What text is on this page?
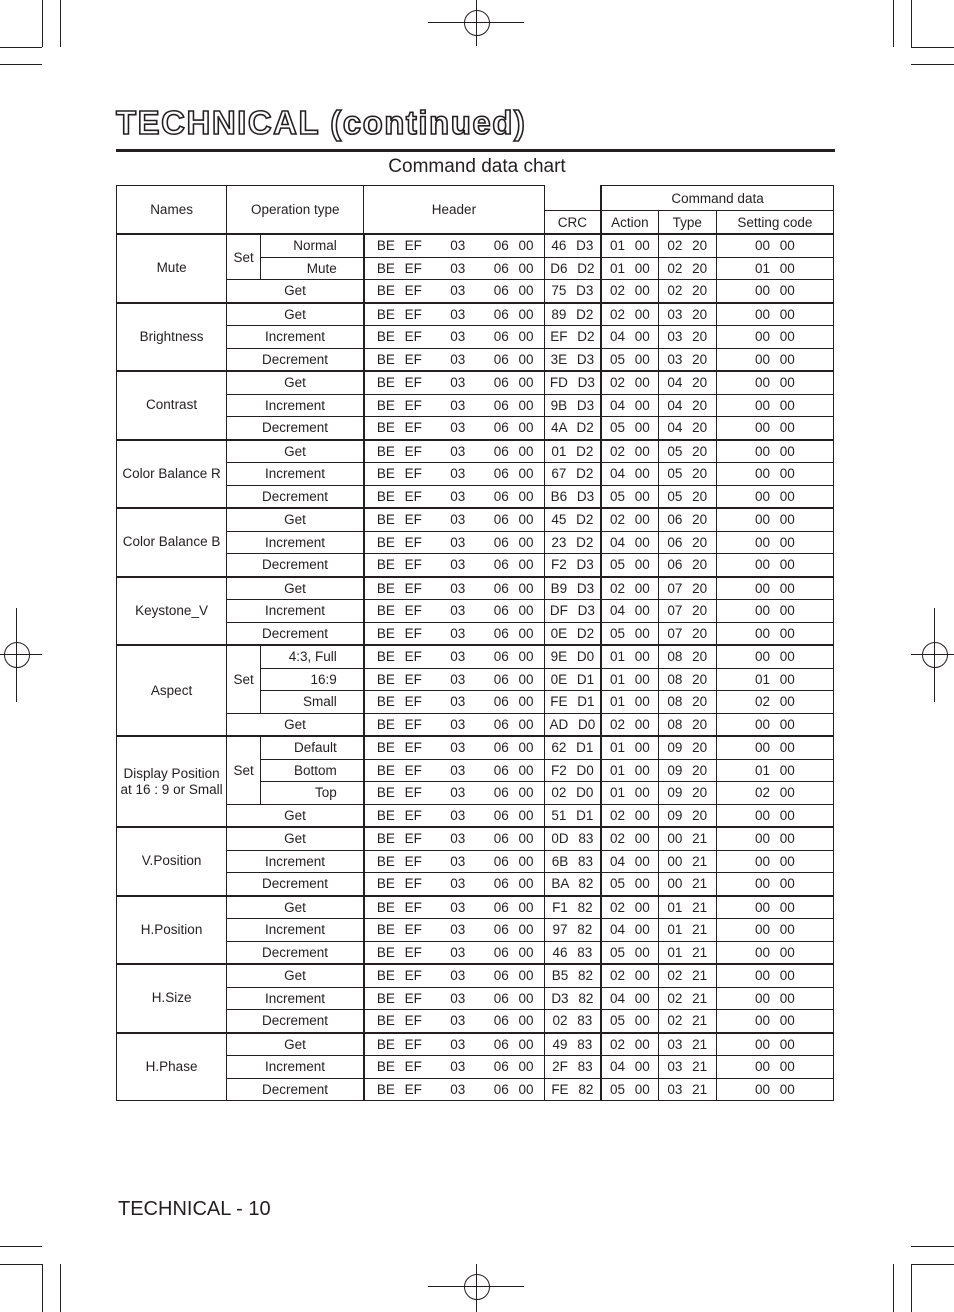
TECHNICAL (continued)
Command data chart
Names	Operation type		Header		Command data		
				CRC	Action	Type	Setting code
Mute	Set	Normal	BE EF 03 06 00	46 D3	01 00	02 20	00 00
		Mute	BE EF 03 06 00	D6 D2	01 00	02 20	01 00
	Get		BE EF 03 06 00	75 D3	02 00	02 20	00 00
Brightness	Get		BE EF 03 06 00	89 D2	02 00	03 20	00 00
	Increment		BE EF 03 06 00	EF D2	04 00	03 20	00 00
	Decrement		BE EF 03 06 00	3E D3	05 00	03 20	00 00
Contrast	Get		BE EF 03 06 00	FD D3	02 00	04 20	00 00
	Increment		BE EF 03 06 00	9B D3	04 00	04 20	00 00
	Decrement		BE EF 03 06 00	4A D2	05 00	04 20	00 00
Color Balance R	Get		BE EF 03 06 00	01 D2	02 00	05 20	00 00
	Increment		BE EF 03 06 00	67 D2	04 00	05 20	00 00
	Decrement		BE EF 03 06 00	B6 D3	05 00	05 20	00 00
Color Balance B	Get		BE EF 03 06 00	45 D2	02 00	06 20	00 00
	Increment		BE EF 03 06 00	23 D2	04 00	06 20	00 00
	Decrement		BE EF 03 06 00	F2 D3	05 00	06 20	00 00
Keystone_V	Get		BE EF 03 06 00	B9 D3	02 00	07 20	00 00
	Increment		BE EF 03 06 00	DF D3	04 00	07 20	00 00
	Decrement		BE EF 03 06 00	0E D2	05 00	07 20	00 00
Aspect	Set	4:3, Full	BE EF 03 06 00	9E D0	01 00	08 20	00 00
		16:9	BE EF 03 06 00	0E D1	01 00	08 20	01 00
		Small	BE EF 03 06 00	FE D1	01 00	08 20	02 00
	Get		BE EF 03 06 00	AD D0	02 00	08 20	00 00
Display Position at 16 : 9 or Small	Set	Default	BE EF 03 06 00	62 D1	01 00	09 20	00 00
		Bottom	BE EF 03 06 00	F2 D0	01 00	09 20	01 00
		Top	BE EF 03 06 00	02 D0	01 00	09 20	02 00
	Get		BE EF 03 06 00	51 D1	02 00	09 20	00 00
V.Position	Get		BE EF 03 06 00	0D 83	02 00	00 21	00 00
	Increment		BE EF 03 06 00	6B 83	04 00	00 21	00 00
	Decrement		BE EF 03 06 00	BA 82	05 00	00 21	00 00
H.Position	Get		BE EF 03 06 00	F1 82	02 00	01 21	00 00
	Increment		BE EF 03 06 00	97 82	04 00	01 21	00 00
	Decrement		BE EF 03 06 00	46 83	05 00	01 21	00 00
H.Size	Get		BE EF 03 06 00	B5 82	02 00	02 21	00 00
	Increment		BE EF 03 06 00	D3 82	04 00	02 21	00 00
	Decrement		BE EF 03 06 00	02 83	05 00	02 21	00 00
H.Phase	Get		BE EF 03 06 00	49 83	02 00	03 21	00 00
	Increment		BE EF 03 06 00	2F 83	04 00	03 21	00 00
	Decrement		BE EF 03 06 00	FE 82	05 00	03 21	00 00
TECHNICAL - 10
